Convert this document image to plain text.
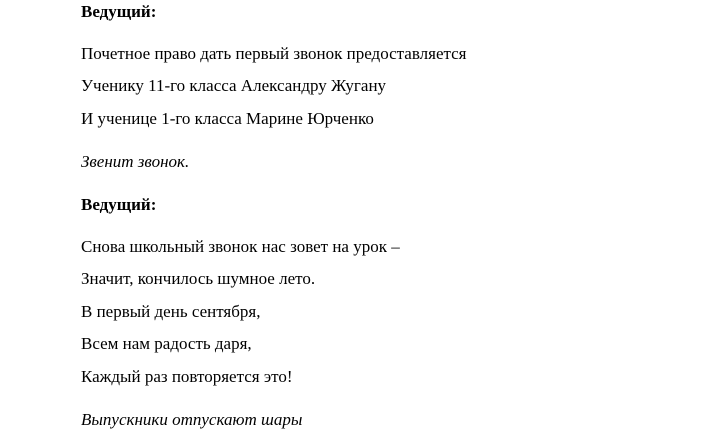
Ведущий:
Почетное право дать первый звонок предоставляется
Ученику 11-го класса Александру Жугану
И ученице 1-го класса Марине Юрченко
Звенит звонок.
Ведущий:
Снова школьный звонок нас зовет на урок –
Значит, кончилось шумное лето.
В первый день сентября,
Всем нам радость даря,
Каждый раз повторяется это!
Выпускники отпускают шары
